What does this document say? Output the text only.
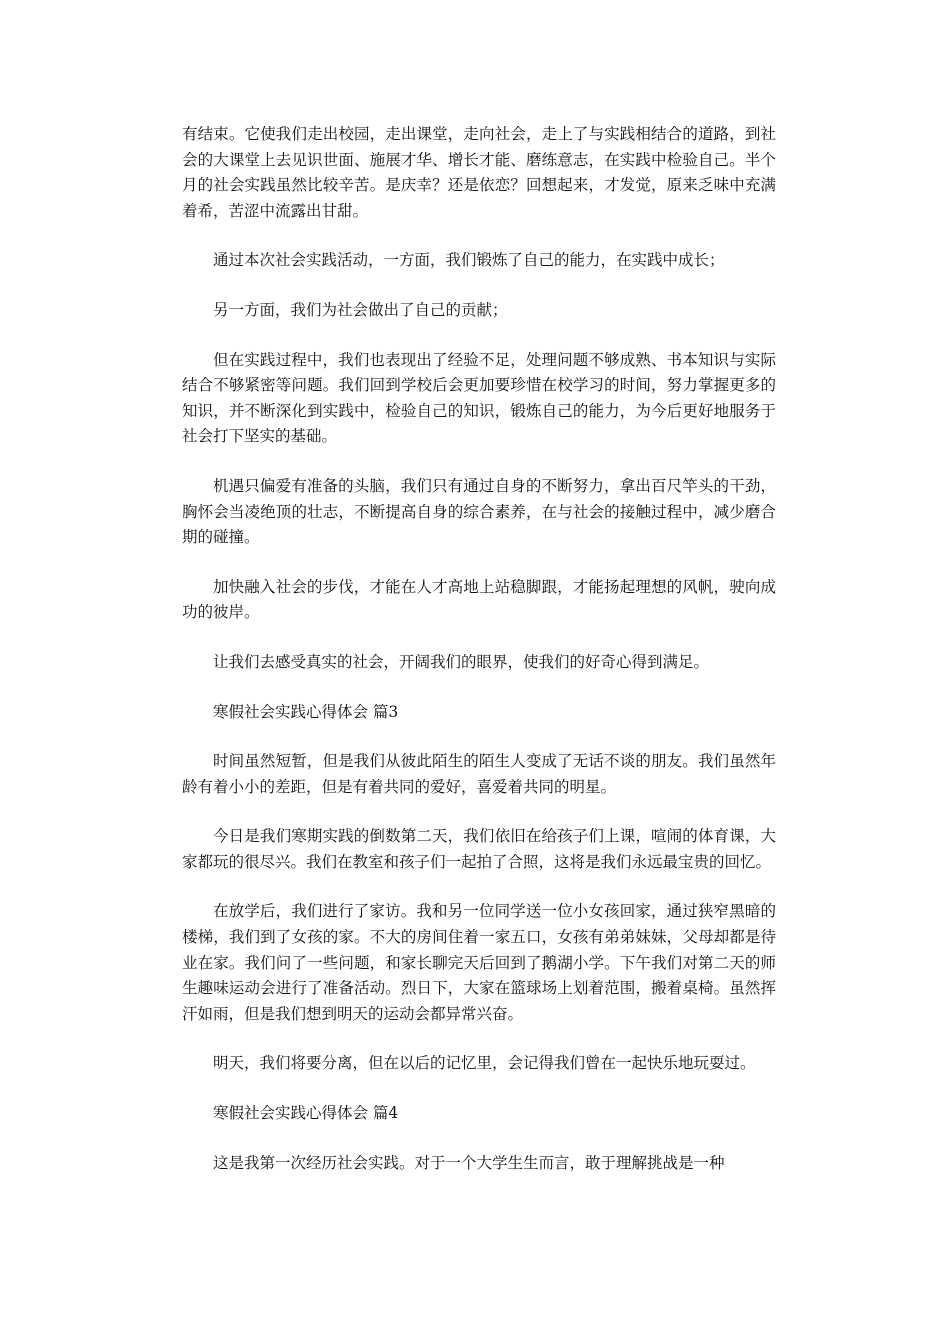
有结束。它使我们走出校园，走出课堂，走向社会，走上了与实践相结合的道路，到社会的大课堂上去见识世面、施展才华、增长才能、磨练意志，在实践中检验自己。半个月的社会实践虽然比较辛苦。是庆幸？还是依恋？回想起来，才发觉，原来乏味中充满着希，苦涩中流露出甘甜。

通过本次社会实践活动，一方面，我们锻炼了自己的能力，在实践中成长；

另一方面，我们为社会做出了自己的贡献；

但在实践过程中，我们也表现出了经验不足，处理问题不够成熟、书本知识与实际结合不够紧密等问题。我们回到学校后会更加要珍惜在校学习的时间，努力掌握更多的知识，并不断深化到实践中，检验自己的知识，锻炼自己的能力，为今后更好地服务于社会打下坚实的基础。

机遇只偏爱有准备的头脑，我们只有通过自身的不断努力，拿出百尺竿头的干劲，胸怀会当凌绝顶的壮志，不断提高自身的综合素养，在与社会的接触过程中，减少磨合期的碰撞。

加快融入社会的步伐，才能在人才高地上站稳脚跟，才能扬起理想的风帆，驶向成功的彼岸。

让我们去感受真实的社会，开阔我们的眼界，使我们的好奇心得到满足。

寒假社会实践心得体会 篇3

时间虽然短暂，但是我们从彼此陌生的陌生人变成了无话不谈的朋友。我们虽然年龄有着小小的差距，但是有着共同的爱好，喜爱着共同的明星。

今日是我们寒期实践的倒数第二天，我们依旧在给孩子们上课，喧闹的体育课，大家都玩的很尽兴。我们在教室和孩子们一起拍了合照，这将是我们永远最宝贵的回忆。

在放学后，我们进行了家访。我和另一位同学送一位小女孩回家，通过狭窄黑暗的楼梯，我们到了女孩的家。不大的房间住着一家五口，女孩有弟弟妹妹，父母却都是待业在家。我们问了一些问题，和家长聊完天后回到了鹅湖小学。下午我们对第二天的师生趣味运动会进行了准备活动。烈日下，大家在篮球场上划着范围，搬着桌椅。虽然挥汗如雨，但是我们想到明天的运动会都异常兴奋。

明天，我们将要分离，但在以后的记忆里，会记得我们曾在一起快乐地玩耍过。

寒假社会实践心得体会 篇4

这是我第一次经历社会实践。对于一个大学生生而言，敢于理解挑战是一种
